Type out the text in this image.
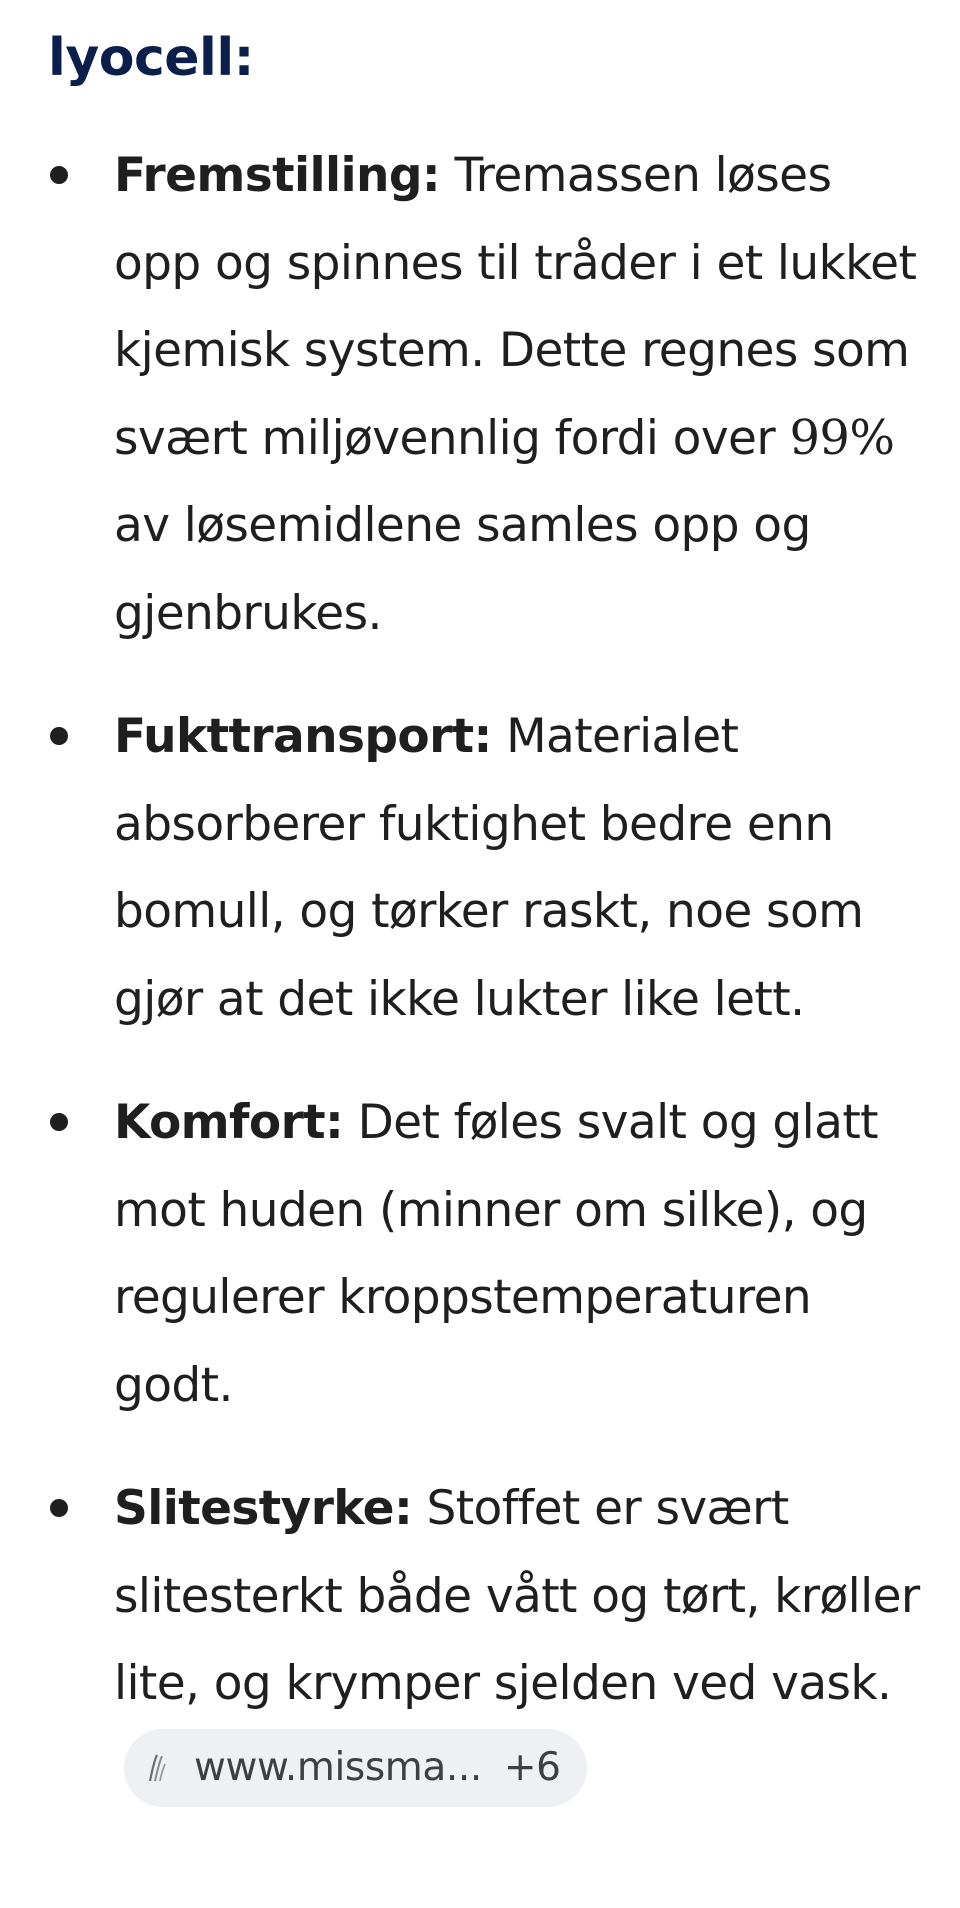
lyocell:
Fremstilling: Tremassen løses opp og spinnes til tråder i et lukket kjemisk system. Dette regnes som svært miljøvennlig fordi over 99% av løsemidlene samles opp og gjenbrukes.
Fukttransport: Materialet absorberer fuktighet bedre enn bomull, og tørker raskt, noe som gjør at det ikke lukter like lett.
Komfort: Det føles svalt og glatt mot huden (minner om silke), og regulerer kroppstemperaturen godt.
Slitestyrke: Stoffet er svært slitesterkt både vått og tørt, krøller lite, og krymper sjelden ved vask.
www.missma... +6
